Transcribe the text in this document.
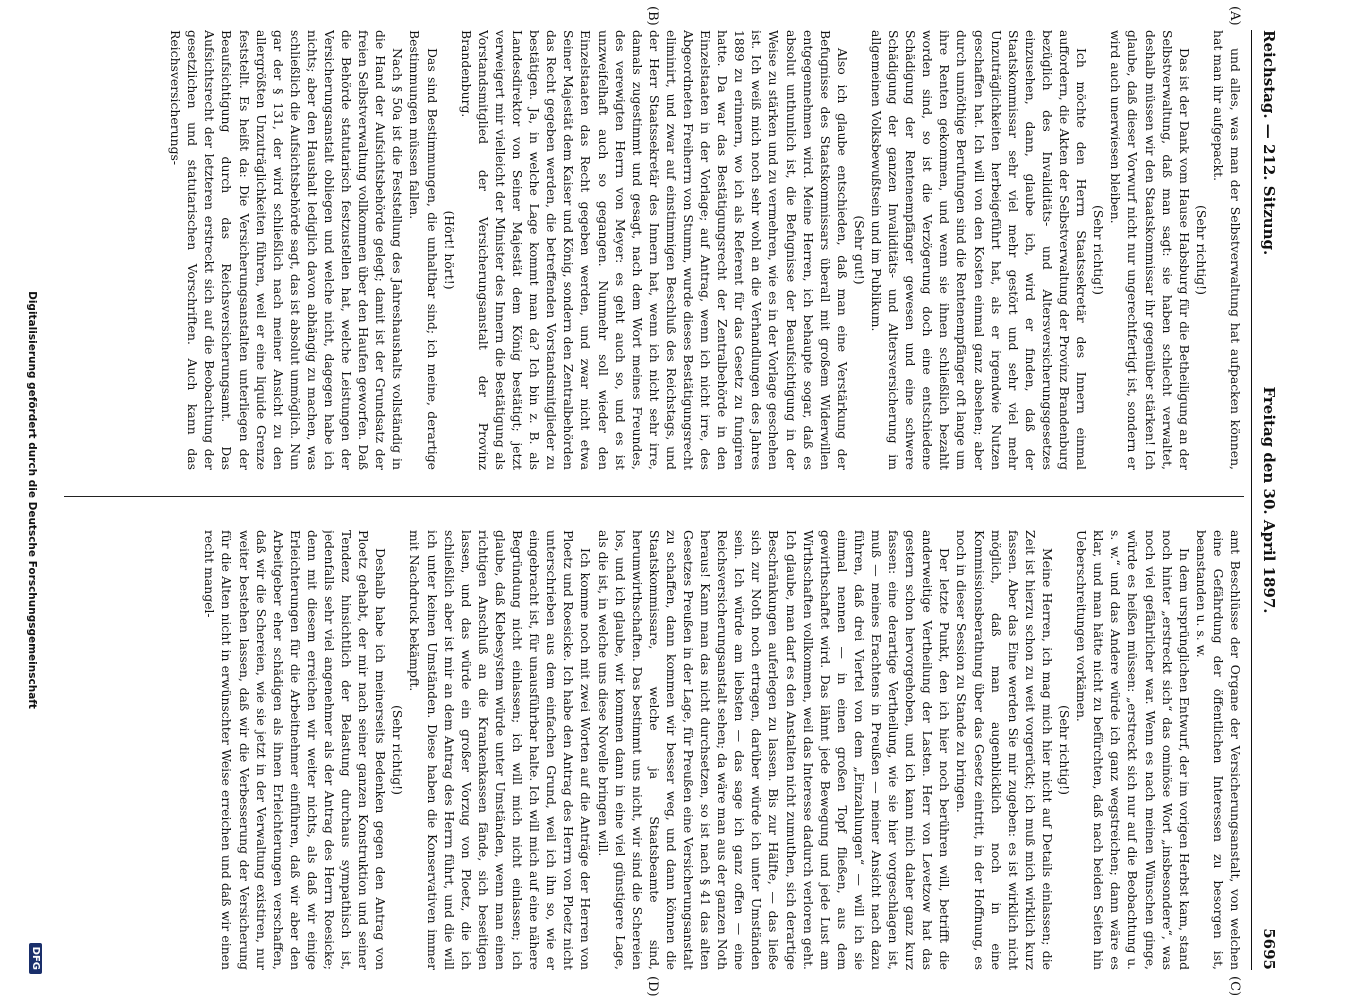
Reichstag. — 212. Sitzung.
Freitag den 30. April 1897.
5695
(A)
(B)
(C)
(D)

und alles, was man der Selbstverwaltung hat aufpacken können, hat man ihr aufgepackt.

(Sehr richtig!)

Das ist der Dank vom Hause Habsburg für die Betheiligung an der Selbstverwaltung, daß man sagt: sie haben schlecht verwaltet, deshalb müssen wir den Staatskommissar ihr gegenüber stärken! Ich glaube, daß dieser Vorwurf nicht nur ungerechtfertigt ist, sondern er wird auch unerwiesen bleiben.

(Sehr richtig!)

Ich möchte den Herrn Staatssekretär des Innern einmal auffordern, die Akten der Selbstverwaltung der Provinz Brandenburg bezüglich des Invaliditäts- und Altersversicherungsgesetzes einzusehen, dann, glaube ich, wird er finden, daß der Staatskommissar sehr viel mehr gestört und sehr viel mehr Unzuträglichkeiten herbeigeführt hat, als er irgendwie Nutzen geschaffen hat. Ich will von den Kosten einmal ganz absehen; aber durch unnöthige Berufungen sind die Rentenempfänger oft lange um ihre Renten gekommen, und wenn sie ihnen schließlich bezahlt worden sind, so ist die Verzögerung doch eine entschiedene Schädigung der Rentenempfänger gewesen und eine schwere Schädigung der ganzen Invaliditäts- und Altersversicherung im allgemeinen Volksbewußtsein und im Publikum.

(Sehr gut!)

Also ich glaube entschieden, daß man eine Verstärkung der Befugnisse des Staatskommissars überall mit großem Widerwillen entgegennehmen wird. Meine Herren, ich behaupte sogar, daß es absolut unthunlich ist, die Befugnisse der Beaufsichtigung in der Weise zu stärken und zu vermehren, wie es in der Vorlage geschehen ist. Ich weiß mich noch sehr wohl an die Verhandlungen des Jahres 1889 zu erinnern, wo ich als Referent für das Gesetz zu fungiren hatte. Da war das Bestätigungsrecht der Zentralbehörde in den Einzelstaaten in der Vorlage; auf Antrag, wenn ich nicht irre, des Abgeordneten Freiherrn von Stumm, wurde dieses Bestätigungsrecht eliminirt, und zwar auf einstimmigen Beschluß des Reichstags, und der Herr Staatssekretär des Innern hat, wenn ich nicht sehr irre, damals zugestimmt und gesagt, nach dem Wort meines Freundes, des verewigten Herrn von Meyer: es geht auch so, und es ist unzweifelhaft auch so gegangen. Nunmehr soll wieder den Einzelstaaten das Recht gegeben werden, und zwar nicht etwa Seiner Majestät dem Kaiser und König, sondern den Zentralbehörden das Recht gegeben werden, die betreffenden Vorstandsmitglieder zu bestätigen. Ja, in welche Lage kommt man da? Ich bin z. B. als Landesdirektor von Seiner Majestät dem König bestätigt; jetzt verweigert mir vielleicht der Minister des Innern die Bestätigung als Vorstandsmitglied der Versicherungsanstalt der Provinz Brandenburg.

(Hört! hört!)

Das sind Bestimmungen, die unhaltbar sind; ich meine, derartige Bestimmungen müssen fallen.

Nach § 50a ist die Feststellung des Jahreshaushalts vollständig in die Hand der Aufsichtsbehörde gelegt; damit ist der Grundsatz der freien Selbstverwaltung vollkommen über den Haufen geworfen. Daß die Behörde statutarisch festzustellen hat, welche Leistungen der Versicherungsanstalt obliegen und welche nicht, dagegen habe ich nichts; aber den Haushalt lediglich davon abhängig zu machen, was schließlich die Aufsichtsbehörde sagt, das ist absolut unmöglich. Nun gar der § 131, der wird schließlich nach meiner Ansicht zu den allergrößten Unzuträglichkeiten führen, weil er eine liquide Grenze feststellt. Es heißt da: Die Versicherungsanstalten unterliegen der Beaufsichtigung durch das Reichsversicherungsamt. Das Aufsichtsrecht der letzteren erstreckt sich auf die Beobachtung der gesetzlichen und statutarischen Vorschriften. Auch kann das Reichsversicherungs-

amt Beschlüsse der Organe der Versicherungsanstalt, von welchen eine Gefährdung der öffentlichen Interessen zu besorgen ist, beanstanden u. s. w.

In dem ursprünglichen Entwurf, der im vorigen Herbst kam, stand noch hinter „erstreckt sich“ das ominöse Wort „insbesondere“, was noch viel gefährlicher war. Wenn es nach meinen Wünschen ginge, würde es heißen müssen: „erstreckt sich nur auf die Beobachtung u. s. w.“ und das Andere würde ich ganz wegstreichen; dann wäre es klar, und man hätte nicht zu befürchten, daß nach beiden Seiten hin Ueberschreitungen vorkämen.

(Sehr richtig!)

Meine Herren, ich mag mich hier nicht auf Details einlassen; die Zeit ist hierzu schon zu weit vorgerückt; ich muß mich wirklich kurz fassen. Aber das Eine werden Sie mir zugeben: es ist wirklich nicht möglich, daß man augenblicklich noch in eine Kommissionsberathung über das Gesetz eintritt, in der Hoffnung, es noch in dieser Session zu Stande zu bringen.

Der letzte Punkt, den ich hier noch berühren will, betrifft die anderweitige Vertheilung der Lasten. Herr von Levetzow hat das gestern schon hervorgehoben, und ich kann mich daher ganz kurz fassen: eine derartige Vertheilung, wie sie hier vorgeschlagen ist, muß — meines Erachtens in Preußen — meiner Ansicht nach dazu führen, daß drei Viertel von dem „Einzahlungen“ — will ich sie einmal nennen — in einen großen Topf fließen, aus dem gewirthschaftet wird. Das lähmt jede Bewegung und jede Lust am Wirthschaften vollkommen, weil das Interesse dadurch verloren geht. Ich glaube, man darf es den Anstalten nicht zumuthen, sich derartige Beschränkungen auferlegen zu lassen. Bis zur Hälfte, — das ließe sich zur Noth noch ertragen, darüber würde ich unter Umständen sein. Ich würde am liebsten — das sage ich ganz offen — eine Reichsversicherungsanstalt sehen; da wäre man aus der ganzen Noth heraus! Kann man das nicht durchsetzen, so ist nach § 41 das alten Gesetzes Preußen in der Lage, für Preußen eine Versicherungsanstalt zu schaffen, dann kommen wir besser weg, und dann können die Staatskommissare, welche ja Staatsbeamte sind, herumwirthschaften. Das bestimmt uns nicht, wir sind die Schereien los, und ich glaube, wir kommen dann in eine viel günstigere Lage, als die ist, in welche uns diese Novelle bringen will.

Ich komme noch mit zwei Worten auf die Anträge der Herren von Ploetz und Roesicke. Ich habe den Antrag des Herrn von Ploetz nicht unterschrieben aus dem einfachen Grund, weil ich ihn so, wie er eingebracht ist, für unausführbar halte. Ich will mich auf eine nähere Begründung nicht einlassen; ich will mich nicht einlassen; ich glaube, daß Klebesystem würde unter Umständen, wenn man einen richtigen Anschluß an die Krankenkassen fände, sich beseitigen lassen, und das würde ein großer Vorzug von Ploetz, die ich schließlich aber ist mir an dem Antrag des Herrn führt, und die will ich unter keinen Umständen. Diese haben die Konservativen immer mit Nachdruck bekämpft.

(Sehr richtig!)

Deshalb habe ich meinerseits Bedenken gegen den Antrag von Ploetz gehabt, der mir nach seiner ganzen Konstruktion und seiner Tendenz hinsichtlich der Belastung durchaus sympathisch ist, jedenfalls sehr viel angenehmer als der Antrag des Herrn Roesicke; denn mit diesem erreichen wir weiter nichts, als daß wir einige Erleichterungen für die Arbeitnehmer einführen, daß wir aber den Arbeitgeber eher schädigen als ihnen Erleichterungen verschaffen, daß wir die Schereien, wie sie jetzt in der Verwaltung existiren, nur weiter bestehen lassen, daß wir die Verbesserung der Versicherung für die Alten nicht in erwünschter Weise erreichen und daß wir einen recht mangel-

Digitalisierung gefördert durch die Deutsche Forschungsgemeinschaft
DFG
